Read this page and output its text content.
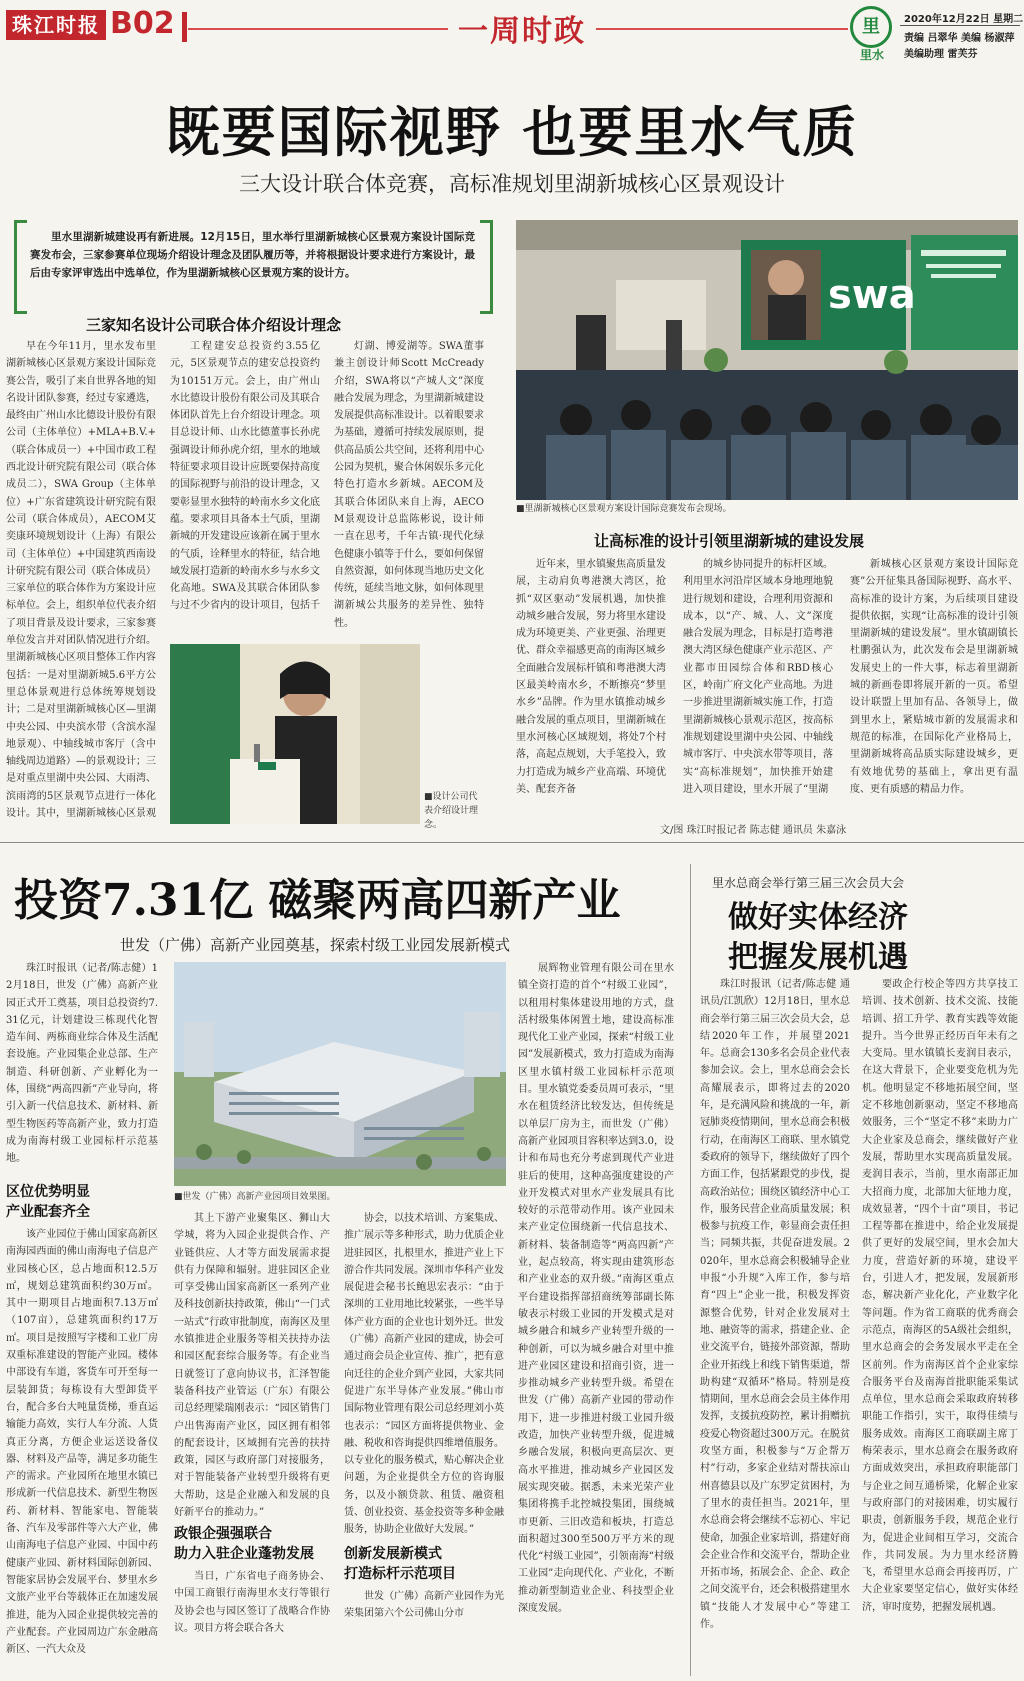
珠江时报 B02	一周时政	里
里水
2020年12月22日 星期二
责编 吕翠华 美编 杨淑萍
美编助理 雷芙芬
既要国际视野 也要里水气质
三大设计联合体竞赛，高标准规划里湖新城核心区景观设计
里水里湖新城建设再有新进展。12月15日，里水举行里湖新城核心区景观方案设计国际竞赛发布会，三家参赛单位现场介绍设计理念及团队履历等，并将根据设计要求进行方案设计，最后由专家评审选出中选单位，作为里湖新城核心区景观方案的设计方。
三家知名设计公司联合体介绍设计理念
早在今年11月，里水发布里湖新城核心区景观方案设计国际竞赛公告，吸引了来自世界各地的知名设计团队参赛，经过专家遴选，最终由广州山水比德设计股份有限公司（主体单位）+MLA+B.V.+（联合体成员一）+中国市政工程西北设计研究院有限公司（联合体成员二），SWA Group（主体单位）+广东省建筑设计研究院有限公司（联合体成员），AECOM艾奕康环境规划设计（上海）有限公司（主体单位）+中国建筑西南设计研究院有限公司（联合体成员）三家单位的联合体作为方案设计应标单位。会上，组织单位代表介绍了项目背景及设计要求，三家参赛单位发言并对团队情况进行介绍。里湖新城核心区项目整体工作内容包括：一是对里湖新城5.6平方公里总体景观进行总体统筹规划设计；二是对里湖新城核心区—里湖中央公园、中央滨水带（含滨水湿地景观）、中轴线城市客厅（含中轴线周边道路）—的景观设计；三是对重点里湖中央公园、大雨湾、滨雨湾的5区景观节点进行一体化设计。其中，里湖新城核心区景观
工程建安总投资约3.55亿元，5区景观节点的建安总投资约为10151万元。会上，由广州山水比德设计股份有限公司及其联合体团队首先上台介绍设计理念。项目总设计师、山水比德董事长孙虎强调设计师孙虎介绍，里水的地域特征要求项目设计应既要保持高度的国际视野与前沿的设计理念，又要彰显里水独特的岭南水乡文化底蕴。要求项目具备本土气质，里湖新城的开发建设应该新在属于里水的气质，诠释里水的特征，结合地域发展打造新的岭南水乡与水乡文化高地。SWA及其联合体团队参与过不少省内的设计项目，包括千
灯湖、博爱湖等。SWA董事兼主创设计师Scott McCready介绍，SWA将以“产城人文”深度融合发展为理念，为里湖新城建设发展提供高标准设计。以着眼要求为基础，遵循可持续发展原则，提供高品质公共空间，还将利用中心公园为契机，聚合休闲娱乐多元化特色打造水乡新城。AECOM及其联合体团队来自上海，AECOM景观设计总监陈彬说，设计师一直在思考，千年古镇·现代化绿色健康小镇等于什么，要如何保留自然资源，如何体现当地历史文化传统，延续当地文脉，如何体现里湖新城公共服务的差异性、独特性。
swa
■里湖新城核心区景观方案设计国际竞赛发布会现场。
让高标准的设计引领里湖新城的建设发展
■设计公司代表介绍设计理念。
近年来，里水镇聚焦高质量发展，主动肩负粤港澳大湾区，抢抓“双区驱动”发展机遇，加快推动城乡融合发展，努力将里水建设成为环境更美、产业更强、治理更优、群众幸福感更高的南海区城乡全面融合发展标杆镇和粤港澳大湾区最美岭南水乡，不断擦亮“梦里水乡”品牌。作为里水镇推动城乡融合发展的重点项目，里湖新城在里水河核心区域规划，将处7个村落，高起点规划，大手笔投入，致力打造成为城乡产业高端、环境优美、配套齐备
的城乡协同提升的标杆区域。利用里水河沿岸区域本身地理地貌进行规划和建设，合理利用资源和成本，以“产、城、人、文”深度融合发展为理念，目标是打造粤港澳大湾区绿色健康产业示范区、产业都市田园综合体和RBD核心区，岭南广府文化产业高地。为进一步推进里湖新城实施工作，打造里湖新城核心景观示范区，按高标准规划建设里湖中央公园、中轴线城市客厅、中央滨水带等项目，落实“高标准规划”，加快推开始建进入项目建设，里水开展了“里湖
新城核心区景观方案设计国际竞赛”公开征集具备国际视野、高水平、高标准的设计方案，为后续项目建设提供依据，实现“让高标准的设计引领里湖新城的建设发展”。里水镇副镇长杜鹏强认为，此次发布会是里湖新城发展史上的一件大事，标志着里湖新城的新画卷即将展开新的一页。希望设计联盟上里加有品、各领导上，做到里水上，紧贴城市新的发展需求和规范的标准，在国际化产业格局上，里湖新城将高品质实际建设城乡，更有效地优势的基础上，拿出更有温度、更有质感的精品力作。
文/图 珠江时报记者 陈志健 通讯员 朱嘉泳
投资7.31亿 磁聚两高四新产业
世发（广佛）高新产业园奠基，探索村级工业园发展新模式
珠江时报讯（记者/陈志健）12月18日，世发（广佛）高新产业园正式开工奠基，项目总投资约7.31亿元，计划建设三栋现代化智造车间、两栋商业综合体及生活配套设施。产业园集企业总部、生产制造、科研创新、产业孵化为一体，围绕“两高四新”产业导向，将引入新一代信息技术、新材料、新型生物医药等高新产业，致力打造成为南海村级工业园标杆示范基地。
区位优势明显
产业配套齐全
该产业园位于佛山国家高新区南海园西面的佛山南海电子信息产业园核心区，总占地面积12.5万㎡，规划总建筑面积约30万㎡。其中一期项目占地面积7.13万㎡（107亩），总建筑面积约17万㎡。项目是按照写字楼和工业厂房双重标准建设的智能产业园。楼体中部设有车道，客货车可开至每一层装卸货；每栋设有大型卸货平台，配合多台大吨量货梯，垂直运输能力高效，实行人车分流、人货真正分离，方便企业运送设备仪器、材料及产品等，满足多功能生产的需求。产业园所在地里水镇已形成新一代信息技术、新型生物医药、新材料、智能家电、智能装备、汽车及零部件等六大产业，佛山南海电子信息产业园、中国中药健康产业园、新材料国际创新园、智能家居协会发展平台、梦里水乡文旅产业平台等载体正在加速发展推进，能为入园企业提供较完善的产业配套。产业园周边广东金融高新区、一汽大众及
■世发（广佛）高新产业园项目效果图。
其上下游产业聚集区、狮山大学城，将为入园企业提供合作、产业链供应、人才等方面发展需求提供有力保障和辐射。进驻园区企业可享受佛山国家高新区一系列产业及科技创新扶持政策，佛山“一门式一站式”行政审批制度，南海区及里水镇推进企业服务等相关扶持办法和园区配套综合服务等。有企业当日就签订了意向协议书，汇泽智能装备科技产业管运（广东）有限公司总经理梁瑞刚表示：“园区销售门户出售海南产业区，园区拥有相邻的配套设计，区域拥有完善的扶持政策，园区与政府部门对接服务，对于智能装备产业转型升级将有更大帮助，这是企业融入和发展的良好新平台的推动力。”
政银企强强联合
助力入驻企业蓬勃发展
当日，广东省电子商务协会、中国工商银行南海里水支行等银行及协会也与园区签订了战略合作协议。项目方将会联合各大
协会，以技术培训、方案集成、推广展示等多种形式，助力优质企业进驻园区，扎根里水，推进产业上下游合作共同发展。深圳市华科产业发展促进会秘书长鲍思宏表示：“由于深圳的工业用地比较紧张，一些半导体产业方面的企业也计划外迁。世发（广佛）高新产业园的建成，协会可通过商会员企业宣传、推广，把有意向迁往的企业介到产业园，大家共同促进广东半导体产业发展。”佛山市国际物业管理有限公司总经理刘小英也表示：“园区方面将提供物业、金融、税收和咨询提供四维增值服务。以专业化的服务模式，贴心解决企业问题，为企业提供全方位的咨询服务，以及小额贷款、租赁、融资租赁、创业投资、基金投资等多种金融服务，协助企业做好大发展。”
创新发展新模式
打造标杆示范项目
世发（广佛）高新产业园作为光荣集团第六个公司佛山分市
展辉物业管理有限公司在里水镇全资打造的首个“村级工业园”，以租用村集体建设用地的方式，盘活村级集体闲置土地，建设高标准现代化工业产业园，探索“村级工业园”发展新模式，致力打造成为南海区里水镇村级工业园标杆示范项目。里水镇党委委员周可表示，“里水在租赁经济比较发达，但传统是以单层厂房为主，而世发（广佛）高新产业园项目容积率达到3.0，设计和布局也充分考虑到现代产业进驻后的使用，这种高强度建设的产业开发模式对里水产业发展具有比较好的示范带动作用。该产业园未来产业定位围绕新一代信息技术、新材料、装备制造等“两高四新”产业，起点较高，将实现由建筑形态和产业业态的双升级。”南海区重点平台建设指挥部招商统筹部副长陈敏表示村级工业园的开发模式是对城乡融合和城乡产业转型升级的一种创新，可以为城乡融合对里中推进产业园区建设和招商引资，进一步推动城乡产业转型升级。希望在世发（广佛）高新产业园的带动作用下，进一步推进村级工业园升级改造，加快产业转型升级，促进城乡融合发展，积极向更高层次、更高水平推进，推动城乡产业园区发展实现突破。据悉，未来光荣产业集团将携手北控城投集团，围绕城市更新、三旧改造和板块，打造总面积超过300至500万平方米的现代化“村级工业园”，引领南海“村级工业园”走向现代化、产业化，不断推动新型制造业企业、科技型企业深度发展。
里水总商会举行第三届三次会员大会
做好实体经济
把握发展机遇
珠江时报讯（记者/陈志健 通讯员/江凯欣）12月18日，里水总商会举行第三届三次会员大会，总结2020年工作，并展望2021年。总商会130多名会员企业代表参加会议。会上，里水总商会会长高耀展表示，即将过去的2020年，是充满风险和挑战的一年，新冠肺炎疫情期间，里水总商会积极行动，在南海区工商联、里水镇党委政府的领导下，继续做好了四个方面工作，包括紧跟党的步伐，提高政治站位；围绕区镇经济中心工作，服务民营企业高质量发展；积极参与抗疫工作，彰显商会责任担当；同频共振，共促奋进发展。2020年，里水总商会积极辅导企业申报“小升规”入库工作，参与培育“四上”企业一批，积极发挥资源整合优势，针对企业发展对土地、融资等的需求，搭建企业、企业交流平台，链接外部资源，帮助企业开拓线上和线下销售渠道，帮助构建“双循环”格局。特别是疫情期间，里水总商会会员主体作用发挥，支援抗疫防控，累计捐赠抗疫爱心物资超过300万元。在脱贫攻坚方面，积极参与“万企帮万村”行动，多家企业结对帮扶凉山州喜德县以及广东罗定贫困村，为了里水的责任担当。2021年，里水总商会将会继续不忘初心、牢记使命，加强企业家培训，搭建好商会企业合作和交流平台，帮助企业开拓市场，拓展会企、企企、政企之间交流平台，还会积极搭建里水镇“技能人才发展中心”等建工作。
要政企行校企等四方共享技工培训、技术创新、技术交流、技能培训、招工升学、教育实践等效能提升。当今世界正经历百年未有之大变局。里水镇镇长麦润目表示，在这大背景下，企业要变危机为先机。他明显定不移地拓展空间，坚定不移地创新驱动，坚定不移地高效服务，三个“坚定不移”来助力广大企业家及总商会，继续做好产业发展，帮助里水实现高质量发展。麦润目表示，当前，里水南部正加大招商力度，北部加大征地力度，成效显著，“四个十亩”项目，书记工程等都在推进中，给企业发展提供了更好的发展空间，里水会加大力度，营造好新的环境，建设平台，引进人才，把发展，发展新形态，解决新产业化化，产业数字化等问题。作为省工商联的优秀商会示范点，南海区的5A级社会组织，里水总商会的会务发展水平走在全区前列。作为南海区首个企业家综合服务平台及南海首批职能采集试点单位，里水总商会采取政府转移职能工作指引，实干，取得佳绩与服务成效。南海区工商联副主席丁梅荣表示，里水总商会在服务政府方面成效突出，承担政府职能部门与企业之间互通桥梁，化解企业家与政府部门的对接困难，切实履行职责，创新服务手段，规范企业行为，促进企业间相互学习，交流合作，共同发展。为力里水经济腾飞，希望里水总商会再接再厉，广大企业家要坚定信心，做好实体经济，审时度势，把握发展机遇。
